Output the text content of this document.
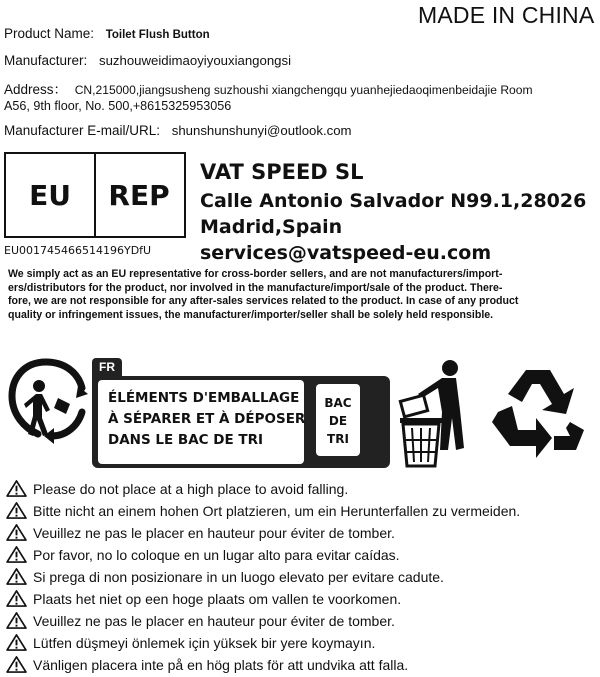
MADE IN CHINA
Product Name: Toilet Flush Button
Manufacturer: suzhouweidimaoyiyouxiangongsi
Address： CN,215000,jiangsusheng suzhoushi xiangchengqu yuanhejiedaoqimenbeidajie Room
A56, 9th floor, No. 500,+8615325953056
Manufacturer E-mail/URL: shunshunshunyi@outlook.com
EU	REP
EU001745466514196YDfU
VAT SPEED SL
Calle Antonio Salvador N99.1,28026
Madrid,Spain
services@vatspeed-eu.com
We simply act as an EU representative for cross-border sellers, and are not manufacturers/import-
ers/distributors for the product, nor involved in the manufacture/import/sale of the product. There-
fore, we are not responsible for any after-sales services related to the product. In case of any product
quality or infringement issues, the manufacturer/importer/seller shall be solely held responsible.
FR
ÉLÉMENTS D'EMBALLAGE
À SÉPARER ET À DÉPOSER
DANS LE BAC DE TRI
BAC
DE
TRI
Please do not place at a high place to avoid falling.
Bitte nicht an einem hohen Ort platzieren, um ein Herunterfallen zu vermeiden.
Veuillez ne pas le placer en hauteur pour éviter de tomber.
Por favor, no lo coloque en un lugar alto para evitar caídas.
Si prega di non posizionare in un luogo elevato per evitare cadute.
Plaats het niet op een hoge plaats om vallen te voorkomen.
Veuillez ne pas le placer en hauteur pour éviter de tomber.
Lütfen düşmeyi önlemek için yüksek bir yere koymayın.
Vänligen placera inte på en hög plats för att undvika att falla.
